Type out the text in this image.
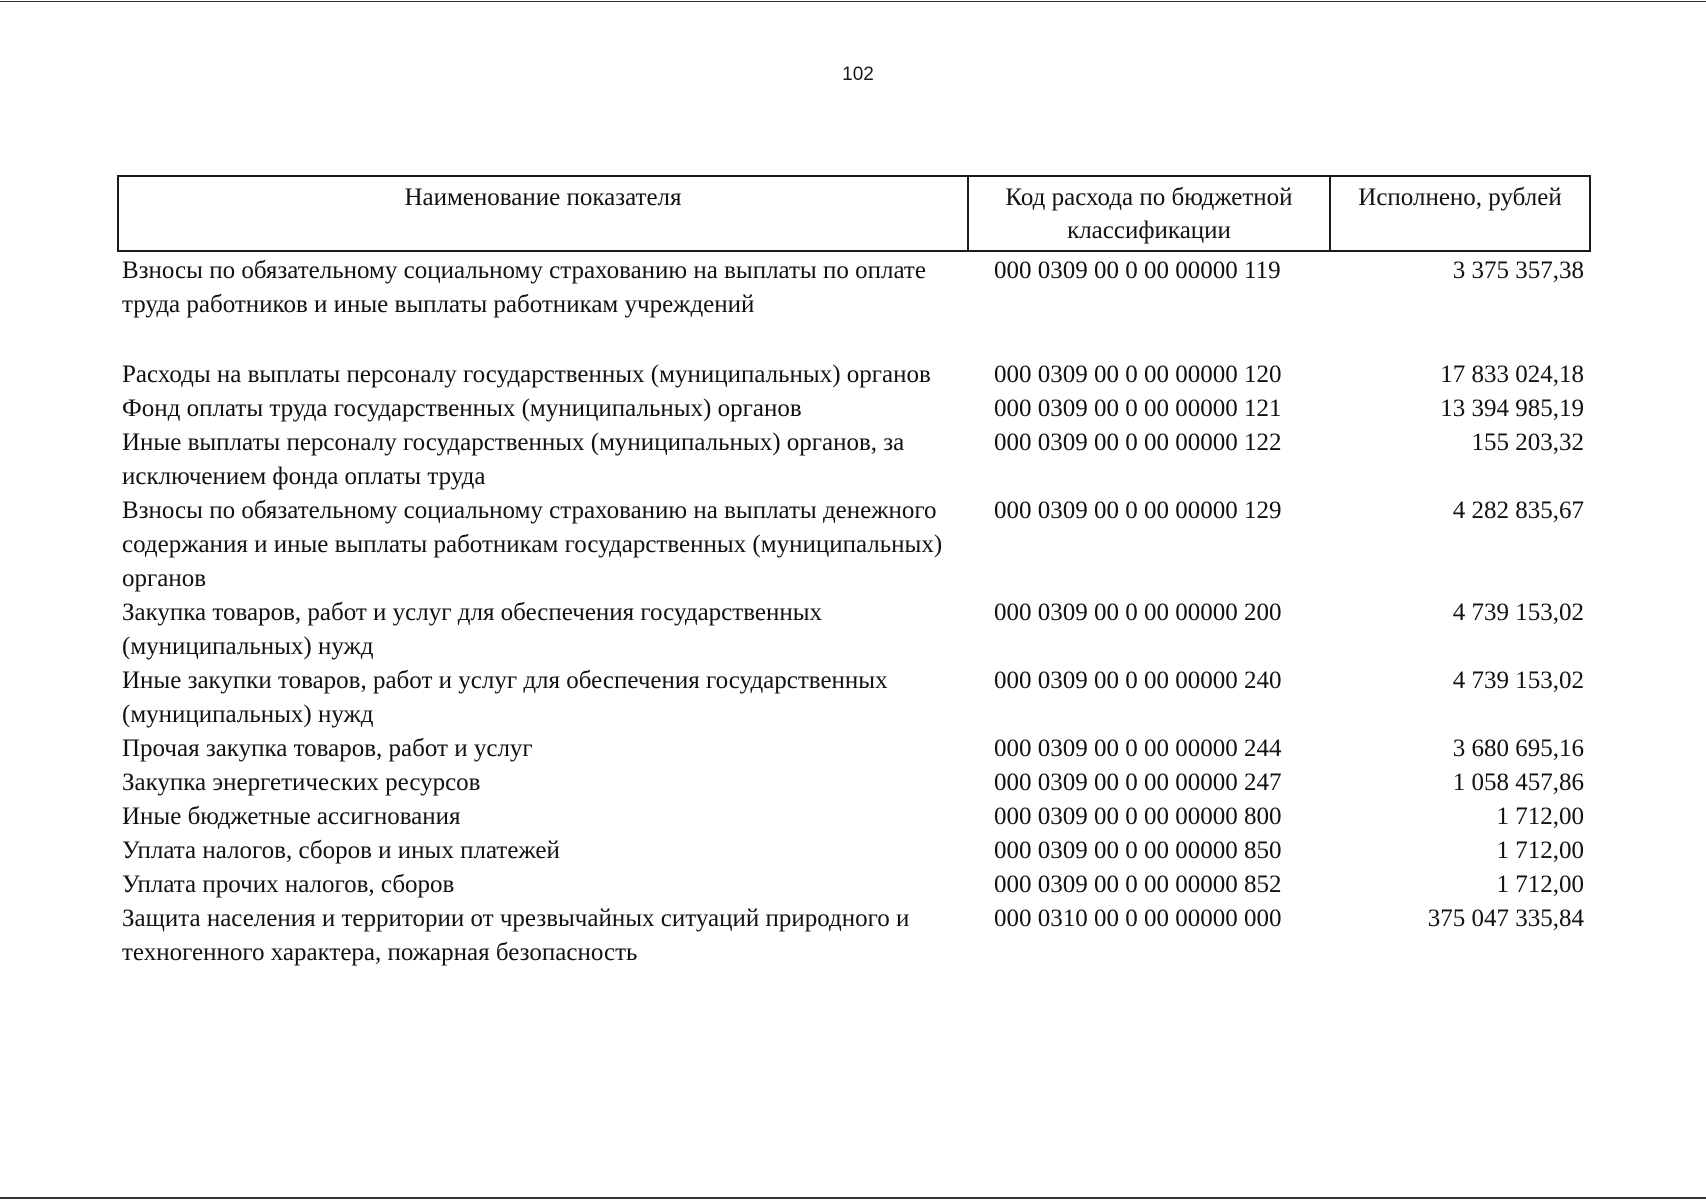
102
Наименование показателя	Код расхода по бюджетной классификации	Исполнено, рублей
Взносы по обязательному социальному страхованию на выплаты по оплате труда работников и иные выплаты работникам учреждений	000 0309 00 0 00 00000 119	3 375 357,38
Расходы на выплаты персоналу государственных (муниципальных) органов	000 0309 00 0 00 00000 120	17 833 024,18
Фонд оплаты труда государственных (муниципальных) органов	000 0309 00 0 00 00000 121	13 394 985,19
Иные выплаты персоналу государственных (муниципальных) органов, за исключением фонда оплаты труда	000 0309 00 0 00 00000 122	155 203,32
Взносы по обязательному социальному страхованию на выплаты денежного содержания и иные выплаты работникам государственных (муниципальных) органов	000 0309 00 0 00 00000 129	4 282 835,67
Закупка товаров, работ и услуг для обеспечения государственных (муниципальных) нужд	000 0309 00 0 00 00000 200	4 739 153,02
Иные закупки товаров, работ и услуг для обеспечения государственных (муниципальных) нужд	000 0309 00 0 00 00000 240	4 739 153,02
Прочая закупка товаров, работ и услуг	000 0309 00 0 00 00000 244	3 680 695,16
Закупка энергетических ресурсов	000 0309 00 0 00 00000 247	1 058 457,86
Иные бюджетные ассигнования	000 0309 00 0 00 00000 800	1 712,00
Уплата налогов, сборов и иных платежей	000 0309 00 0 00 00000 850	1 712,00
Уплата прочих налогов, сборов	000 0309 00 0 00 00000 852	1 712,00
Защита населения и территории от чрезвычайных ситуаций природного и техногенного характера, пожарная безопасность	000 0310 00 0 00 00000 000	375 047 335,84
